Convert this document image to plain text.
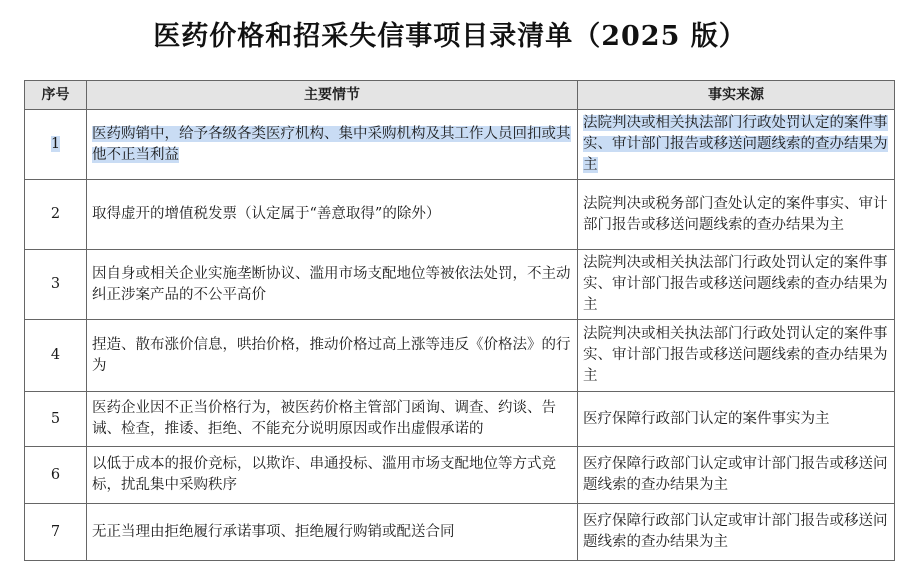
医药价格和招采失信事项目录清单（2025 版）
序号	主要情节	事实来源
1	医药购销中，给予各级各类医疗机构、集中采购机构及其工作人员回扣或其他不正当利益	法院判决或相关执法部门行政处罚认定的案件事实、审计部门报告或移送问题线索的查办结果为主
2	取得虚开的增值税发票（认定属于“善意取得”的除外）	法院判决或税务部门查处认定的案件事实、审计部门报告或移送问题线索的查办结果为主
3	因自身或相关企业实施垄断协议、滥用市场支配地位等被依法处罚，不主动纠正涉案产品的不公平高价	法院判决或相关执法部门行政处罚认定的案件事实、审计部门报告或移送问题线索的查办结果为主
4	捏造、散布涨价信息，哄抬价格，推动价格过高上涨等违反《价格法》的行为	法院判决或相关执法部门行政处罚认定的案件事实、审计部门报告或移送问题线索的查办结果为主
5	医药企业因不正当价格行为，被医药价格主管部门函询、调查、约谈、告诫、检查，推诿、拒绝、不能充分说明原因或作出虚假承诺的	医疗保障行政部门认定的案件事实为主
6	以低于成本的报价竞标，以欺诈、串通投标、滥用市场支配地位等方式竞标，扰乱集中采购秩序	医疗保障行政部门认定或审计部门报告或移送问题线索的查办结果为主
7	无正当理由拒绝履行承诺事项、拒绝履行购销或配送合同	医疗保障行政部门认定或审计部门报告或移送问题线索的查办结果为主
